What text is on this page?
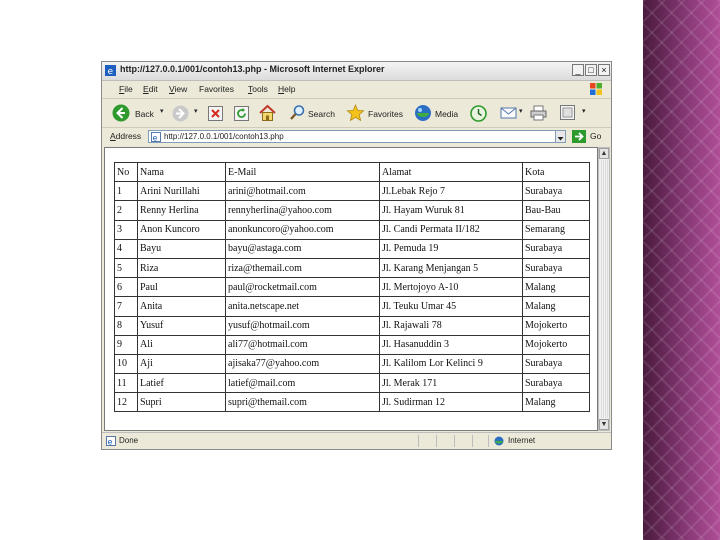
e http://127.0.0.1/001/contoh13.php - Microsoft Internet Explorer	_ □ ×
File Edit View Favorites Tools Help
Back ▾	▾	Search	Favorites	Media	▾	▾
Address e http://127.0.0.1/001/contoh13.php	Go
No	Nama	E-Mail	Alamat	Kota
1	Arini Nurillahi	arini@hotmail.com	Jl.Lebak Rejo 7	Surabaya
2	Renny Herlina	rennyherlina@yahoo.com	Jl. Hayam Wuruk 81	Bau-Bau
3	Anon Kuncoro	anonkuncoro@yahoo.com	Jl. Candi Permata II/182	Semarang
4	Bayu	bayu@astaga.com	Jl. Pemuda 19	Surabaya
5	Riza	riza@themail.com	Jl. Karang Menjangan 5	Surabaya
6	Paul	paul@rocketmail.com	Jl. Mertojoyo A-10	Malang
7	Anita	anita.netscape.net	Jl. Teuku Umar 45	Malang
8	Yusuf	yusuf@hotmail.com	Jl. Rajawali 78	Mojokerto
9	Ali	ali77@hotmail.com	Jl. Hasanuddin 3	Mojokerto
10	Aji	ajisaka77@yahoo.com	Jl. Kalilom Lor Kelinci 9	Surabaya
11	Latief	latief@mail.com	Jl. Merak 171	Surabaya
12	Supri	supri@themail.com	Jl. Sudirman 12	Malang
▲
▼
e Done	Internet
